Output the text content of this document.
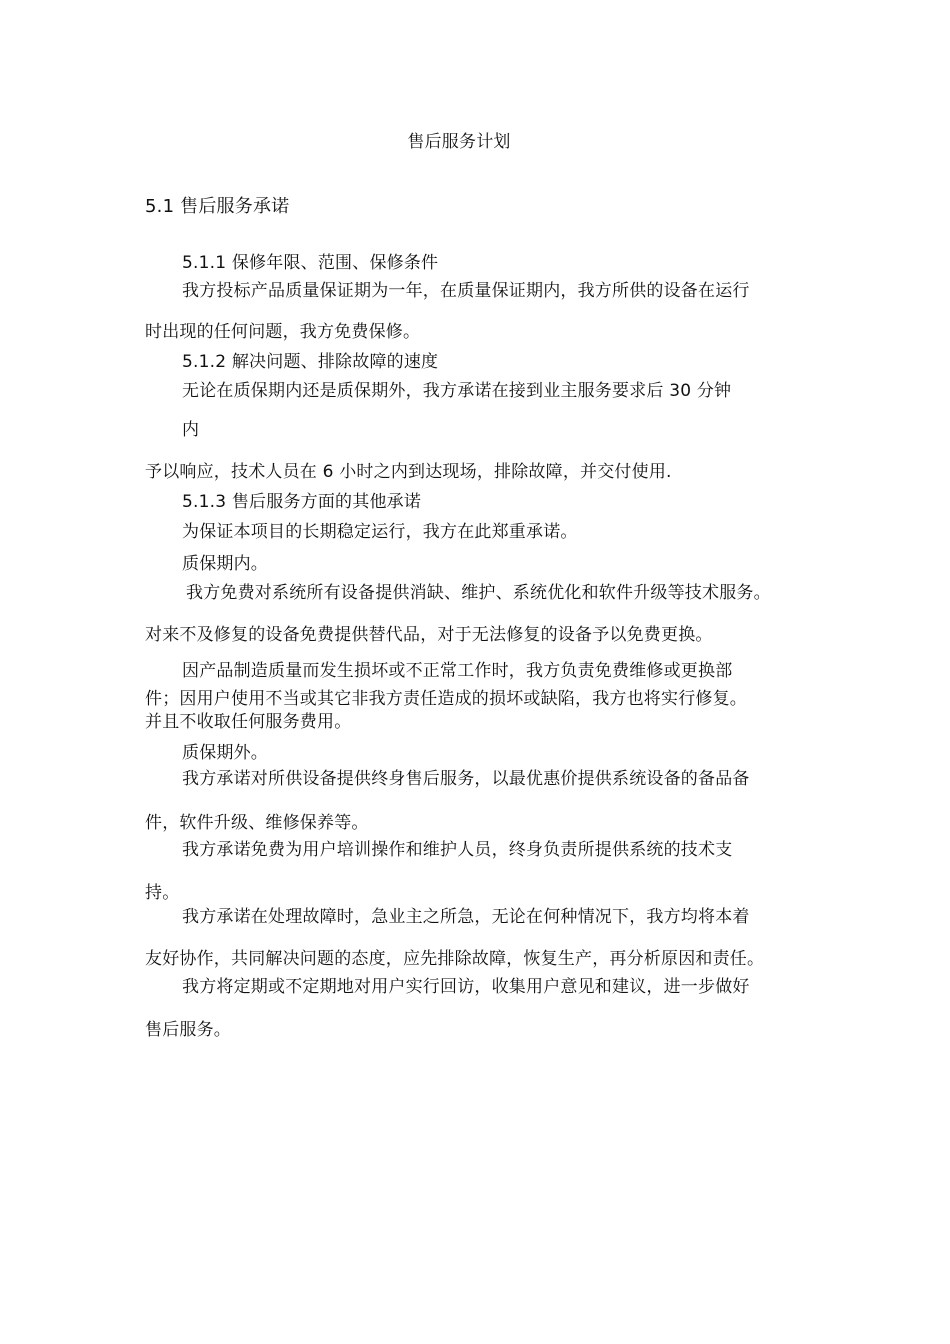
售后服务计划
5.1 售后服务承诺
5.1.1 保修年限、范围、保修条件
我方投标产品质量保证期为一年，在质量保证期内，我方所供的设备在运行
时出现的任何问题，我方免费保修。
5.1.2 解决问题、排除故障的速度
无论在质保期内还是质保期外，我方承诺在接到业主服务要求后 30 分钟
内
予以响应，技术人员在 6 小时之内到达现场，排除故障，并交付使用.
5.1.3 售后服务方面的其他承诺
为保证本项目的长期稳定运行，我方在此郑重承诺。
质保期内。
我方免费对系统所有设备提供消缺、维护、系统优化和软件升级等技术服务。
对来不及修复的设备免费提供替代品，对于无法修复的设备予以免费更换。
因产品制造质量而发生损坏或不正常工作时，我方负责免费维修或更换部
件；因用户使用不当或其它非我方责任造成的损坏或缺陷，我方也将实行修复。
并且不收取任何服务费用。
质保期外。
我方承诺对所供设备提供终身售后服务，以最优惠价提供系统设备的备品备
件，软件升级、维修保养等。
我方承诺免费为用户培训操作和维护人员，终身负责所提供系统的技术支
持。
我方承诺在处理故障时，急业主之所急，无论在何种情况下，我方均将本着
友好协作，共同解决问题的态度，应先排除故障，恢复生产，再分析原因和责任。
我方将定期或不定期地对用户实行回访，收集用户意见和建议，进一步做好
售后服务。
